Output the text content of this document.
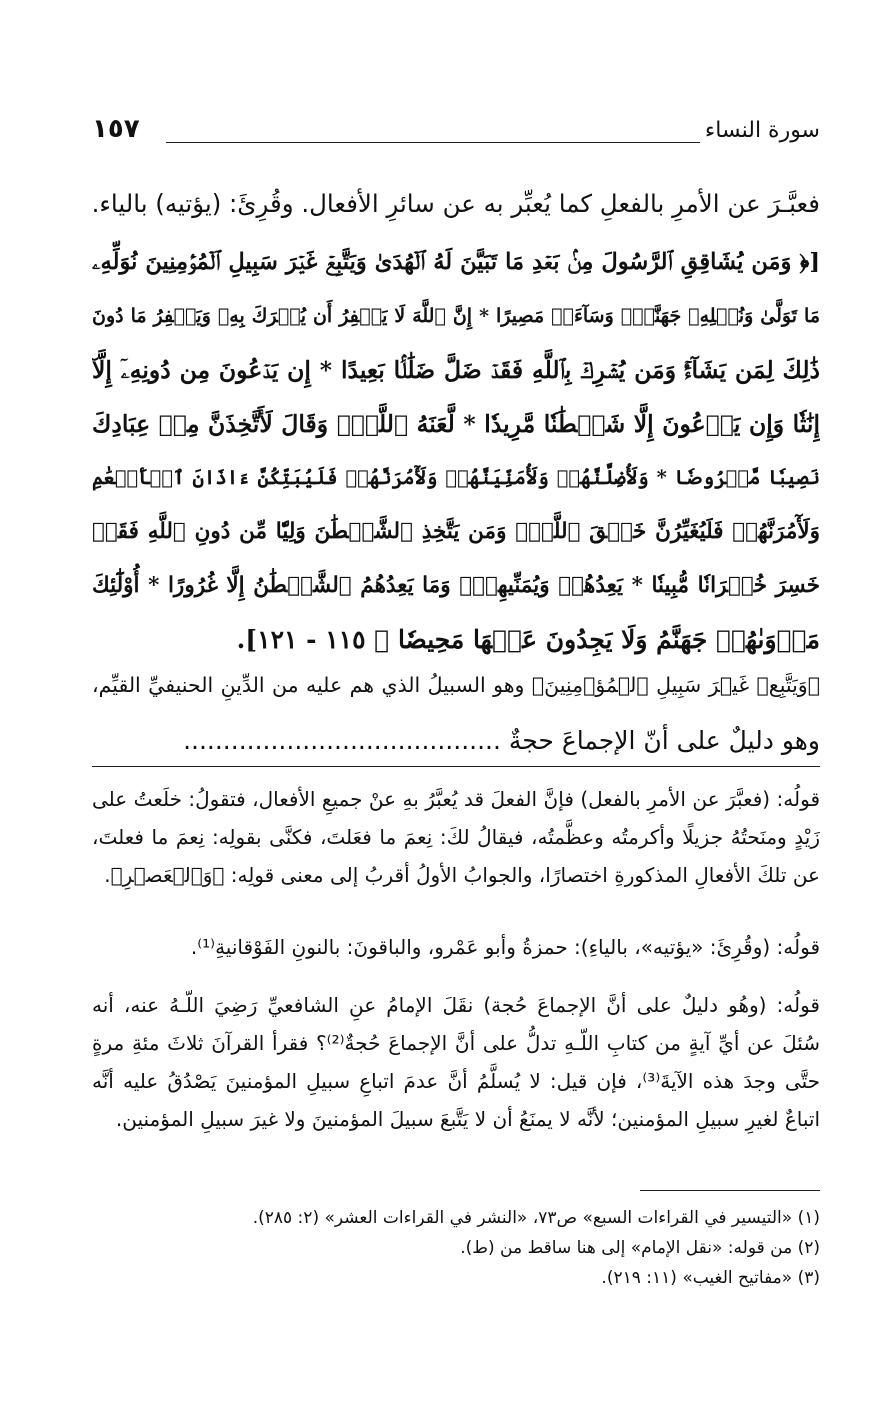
سورة النساء
١٥٧
فعبَّـرَ عن الأمرِ بالفعلِ كما يُعبِّر به عن سائرِ الأفعال. وقُرِئَ: (يؤتيه) بالياء.
[﴿ وَمَن يُشَاقِقِ ٱلرَّسُولَ مِنۢ بَعۡدِ مَا تَبَيَّنَ لَهُ ٱلۡهُدَىٰ وَيَتَّبِعۡ غَيۡرَ سَبِيلِ ٱلۡمُؤۡمِنِينَ نُوَلِّهِۦ
مَا تَوَلَّىٰ وَنُصۡلِهِۦ جَهَنَّمَۖ وَسَآءَتۡ مَصِيرًا * إِنَّ ٱللَّهَ لَا يَغۡفِرُ أَن يُشۡرَكَ بِهِۦ وَيَغۡفِرُ مَا دُونَ
ذَٰلِكَ لِمَن يَشَآءُۚ وَمَن يُشۡرِكۡ بِٱللَّهِ فَقَدۡ ضَلَّ ضَلَٰلَۢا بَعِيدًا * إِن يَدۡعُونَ مِن دُونِهِۦٓ إِلَّآ
إِنَٰثٗا وَإِن يَدۡعُونَ إِلَّا شَيۡطَٰنٗا مَّرِيدٗا * لَّعَنَهُ ٱللَّهُۘ وَقَالَ لَأَتَّخِذَنَّ مِنۡ عِبَادِكَ
نَصِيبٗا مَّفۡرُوضٗا * وَلَأُضِلَّنَّهُمۡ وَلَأُمَنِّيَنَّهُمۡ وَلَأٓمُرَنَّهُمۡ فَلَيُبَتِّكُنَّ ءَاذَانَ ٱلۡأَنۡعَٰمِ
وَلَأٓمُرَنَّهُمۡ فَلَيُغَيِّرُنَّ خَلۡقَ ٱللَّهِۚ وَمَن يَتَّخِذِ ٱلشَّيۡطَٰنَ وَلِيّٗا مِّن دُونِ ٱللَّهِ فَقَدۡ
خَسِرَ خُسۡرَانٗا مُّبِينٗا * يَعِدُهُمۡ وَيُمَنِّيهِمۡۖ وَمَا يَعِدُهُمُ ٱلشَّيۡطَٰنُ إِلَّا غُرُورًا * أُوْلَٰٓئِكَ
مَأۡوَىٰهُمۡ جَهَنَّمُ وَلَا يَجِدُونَ عَنۡهَا مَحِيصٗا ﴾ ١١٥ - ١٢١].
﴿وَيَتَّبِعۡ غَيۡرَ سَبِيلِ ٱلۡمُؤۡمِنِينَ﴾ وهو السبيلُ الذي هم عليه من الدِّينِ الحنيفيِّ القيِّم،
وهو دليلٌ على أنّ الإجماعَ حجةٌ ........................................
قولُه: (فعبَّرَ عن الأمرِ بالفعل) فإنَّ الفعلَ قد يُعبَّرُ بهِ عنْ جميعِ الأفعال، فتقولُ: خلَعتُ على
زَيْدٍ ومنَحتُهُ جزيلًا وأكرمتُه وعظَّمتُه، فيقالُ لكَ: نِعمَ ما فعَلتَ، فكنَّى بقولِه: نِعمَ ما فعلتَ،
عن تلكَ الأفعالِ المذكورةِ اختصارًا، والجوابُ الأولُ أقربُ إلى معنى قولِه: ﴿وَٱلۡعَصۡرِ﴾.
قولُه: (وقُرِئَ: «يؤتيه»، بالياءِ): حمزةُ وأبو عَمْرو، والباقونَ: بالنونِ الفَوْقانيةِ⁽¹⁾.
قولُه: (وهُو دليلٌ على أنَّ الإجماعَ حُجة) نقَلَ الإمامُ عنِ الشافعيِّ رَضِيَ اللّـهُ عنه، أنه
سُئلَ عن أيِّ آيةٍ من كتابِ اللّـهِ تدلُّ على أنَّ الإجماعَ حُجةٌ⁽²⁾؟ فقرأ القرآنَ ثلاثَ مئةِ مرةٍ
حتَّى وجدَ هذه الآيةَ⁽³⁾، فإن قيل: لا يُسلَّمُ أنَّ عدمَ اتباعِ سبيلِ المؤمنينَ يَصْدُقُ عليه أنَّه
اتباعٌ لغيرِ سبيلِ المؤمنين؛ لأنَّه لا يمنَعُ أن لا يَتَّبعَ سبيلَ المؤمنينَ ولا غيرَ سبيلِ المؤمنين.
(١) «التيسير في القراءات السبع» ص٧٣، «النشر في القراءات العشر» (٢: ٢٨٥).
(٢) من قوله: «نقل الإمام» إلى هنا ساقط من (ط).
(٣) «مفاتيح الغيب» (١١: ٢١٩).
